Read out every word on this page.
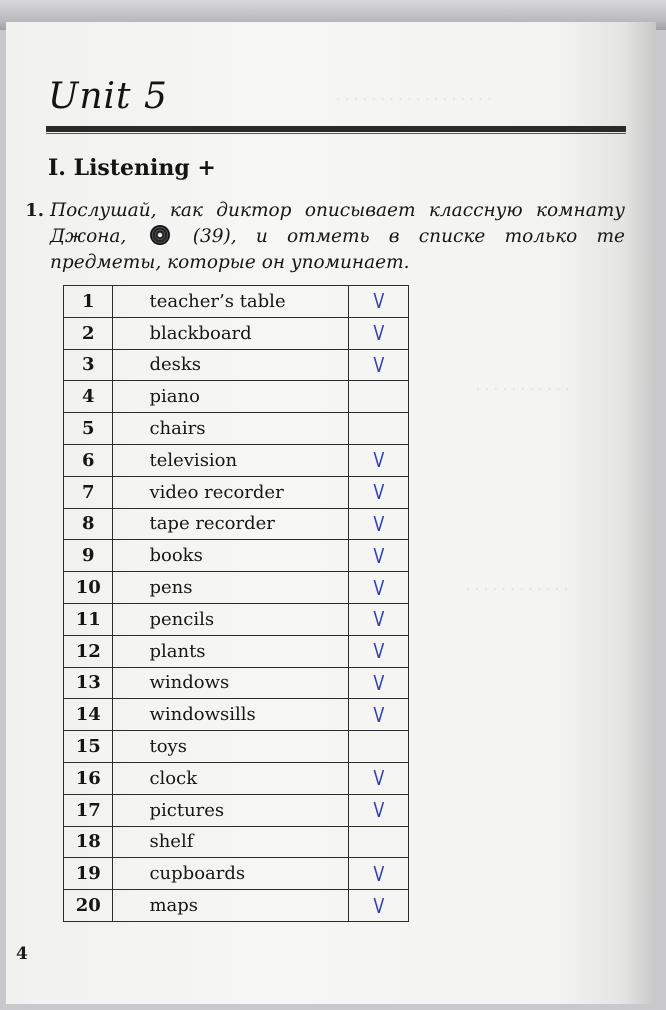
· · · · · · · · · · · · · · · · · ·
· · · · · · · · · · ·
· · · · · · · · · · · ·
Unit 5
I. Listening +
1. Послушай, как диктор описывает классную комнату Джона,	(39), и отметь в списке только те предметы, которые он упоминает.
1	teacher’s table	V
2	blackboard	V
3	desks	V
4	piano	
5	chairs	
6	television	V
7	video recorder	V
8	tape recorder	V
9	books	V
10	pens	V
11	pencils	V
12	plants	V
13	windows	V
14	windowsills	V
15	toys	
16	clock	V
17	pictures	V
18	shelf	
19	cupboards	V
20	maps	V
4
